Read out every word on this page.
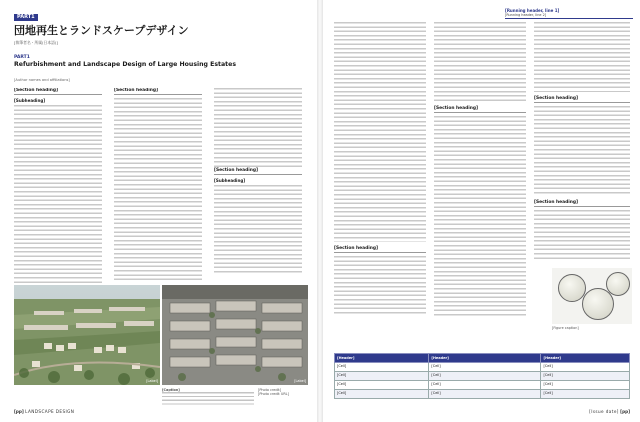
PART1
団地再生とランドスケープデザイン
[執筆者名・所属(日本語)]
PART1
Refurbishment and Landscape Design of Large Housing Estates
[Author names and affiliations]
[Section heading]
[Subheading]
[Section heading]
[Section heading]
[Subheading]
[Label]	[Label]
[Caption]	[Photo credit]
[Photo credit URL]
[pp] LANDSCAPE DESIGN
[Running header, line 1]
[Running header, line 2]
[Section heading]
[Section heading]
[Section heading]
[Section heading]
[Figure caption]
[Header]	[Header]	[Header]
[Cell]	[Cell]	[Cell]
[Cell]	[Cell]	[Cell]
[Cell]	[Cell]	[Cell]
[Cell]	[Cell]	[Cell]
[Issue date] [pp]
